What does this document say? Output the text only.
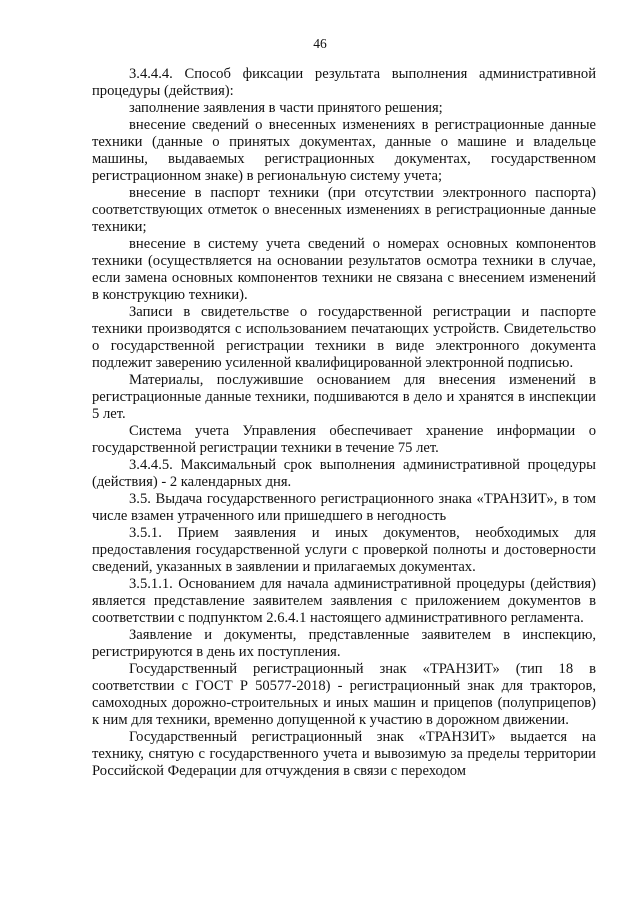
46

3.4.4.4. Способ фиксации результата выполнения административной процедуры (действия):

заполнение заявления в части принятого решения;

внесение сведений о внесенных изменениях в регистрационные данные техники (данные о принятых документах, данные о машине и владельце машины, выдаваемых регистрационных документах, государственном регистрационном знаке) в региональную систему учета;

внесение в паспорт техники (при отсутствии электронного паспорта) соответствующих отметок о внесенных изменениях в регистрационные данные техники;

внесение в систему учета сведений о номерах основных компонентов техники (осуществляется на основании результатов осмотра техники в случае, если замена основных компонентов техники не связана с внесением изменений в конструкцию техники).

Записи в свидетельстве о государственной регистрации и паспорте техники производятся с использованием печатающих устройств. Свидетельство о государственной регистрации техники в виде электронного документа подлежит заверению усиленной квалифицированной электронной подписью.

Материалы, послужившие основанием для внесения изменений в регистрационные данные техники, подшиваются в дело и хранятся в инспекции 5 лет.

Система учета Управления обеспечивает хранение информации о государственной регистрации техники в течение 75 лет.

3.4.4.5. Максимальный срок выполнения административной процедуры (действия) - 2 календарных дня.

3.5. Выдача государственного регистрационного знака «ТРАНЗИТ», в том числе взамен утраченного или пришедшего в негодность

3.5.1. Прием заявления и иных документов, необходимых для предоставления государственной услуги с проверкой полноты и достоверности сведений, указанных в заявлении и прилагаемых документах.

3.5.1.1. Основанием для начала административной процедуры (действия) является представление заявителем заявления с приложением документов в соответствии с подпунктом 2.6.4.1 настоящего административного регламента.

Заявление и документы, представленные заявителем в инспекцию, регистрируются в день их поступления.

Государственный регистрационный знак «ТРАНЗИТ» (тип 18 в соответствии с ГОСТ Р 50577-2018) - регистрационный знак для тракторов, самоходных дорожно-строительных и иных машин и прицепов (полуприцепов) к ним для техники, временно допущенной к участию в дорожном движении.

Государственный регистрационный знак «ТРАНЗИТ» выдается на технику, снятую с государственного учета и вывозимую за пределы территории Российской Федерации для отчуждения в связи с переходом
